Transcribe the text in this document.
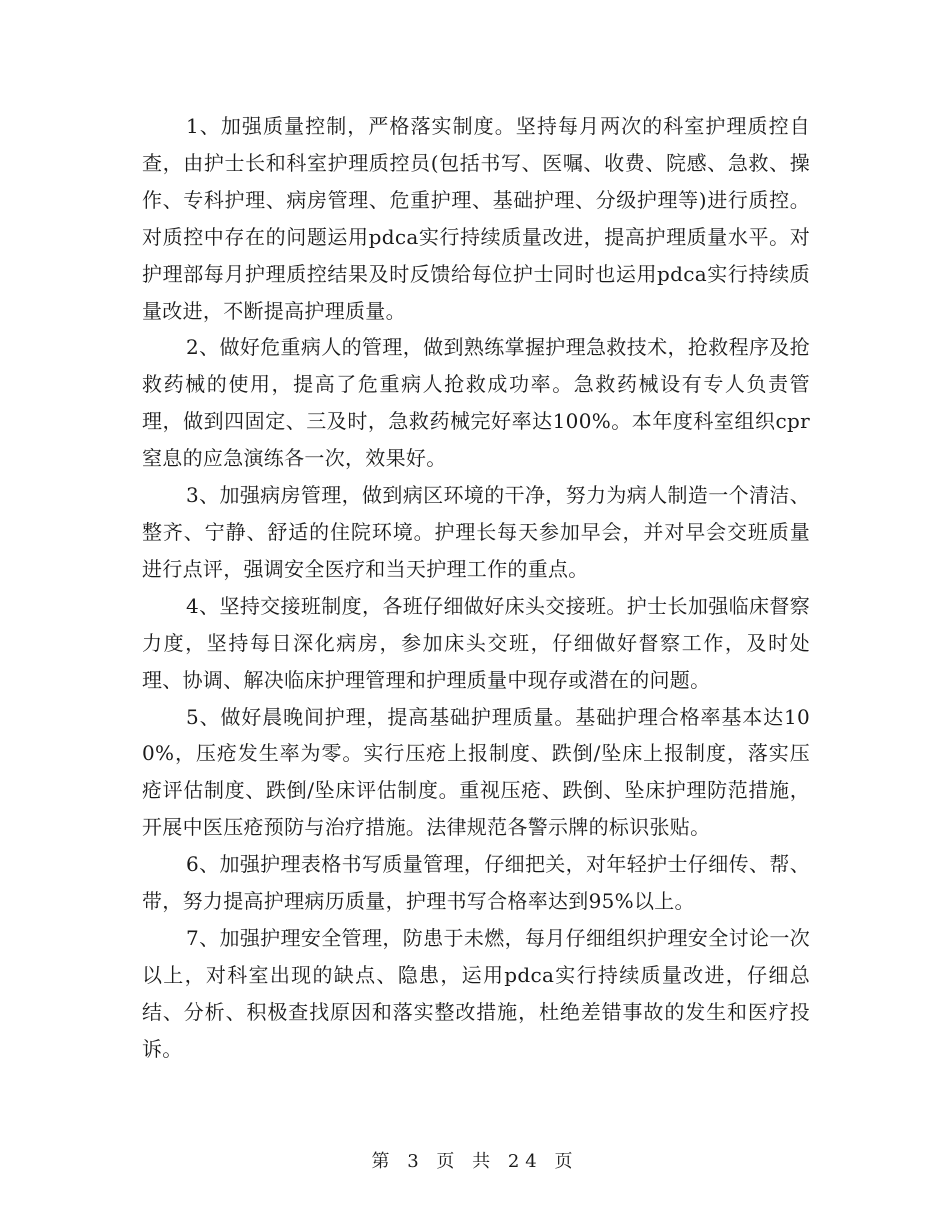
1、加强质量控制，严格落实制度。坚持每月两次的科室护理质控自查，由护士长和科室护理质控员(包括书写、医嘱、收费、院感、急救、操作、专科护理、病房管理、危重护理、基础护理、分级护理等)进行质控。对质控中存在的问题运用pdca实行持续质量改进，提高护理质量水平。对护理部每月护理质控结果及时反馈给每位护士同时也运用pdca实行持续质量改进，不断提高护理质量。

2、做好危重病人的管理，做到熟练掌握护理急救技术，抢救程序及抢救药械的使用，提高了危重病人抢救成功率。急救药械设有专人负责管理，做到四固定、三及时，急救药械完好率达100%。本年度科室组织cpr窒息的应急演练各一次，效果好。

3、加强病房管理，做到病区环境的干净，努力为病人制造一个清洁、整齐、宁静、舒适的住院环境。护理长每天参加早会，并对早会交班质量进行点评，强调安全医疗和当天护理工作的重点。

4、坚持交接班制度，各班仔细做好床头交接班。护士长加强临床督察力度，坚持每日深化病房，参加床头交班，仔细做好督察工作，及时处理、协调、解决临床护理管理和护理质量中现存或潜在的问题。

5、做好晨晚间护理，提高基础护理质量。基础护理合格率基本达100%，压疮发生率为零。实行压疮上报制度、跌倒/坠床上报制度，落实压疮评估制度、跌倒/坠床评估制度。重视压疮、跌倒、坠床护理防范措施，开展中医压疮预防与治疗措施。法律规范各警示牌的标识张贴。

6、加强护理表格书写质量管理，仔细把关，对年轻护士仔细传、帮、带，努力提高护理病历质量，护理书写合格率达到95%以上。

7、加强护理安全管理，防患于未燃，每月仔细组织护理安全讨论一次以上，对科室出现的缺点、隐患，运用pdca实行持续质量改进，仔细总结、分析、积极查找原因和落实整改措施，杜绝差错事故的发生和医疗投诉。

第 3 页 共 24 页
